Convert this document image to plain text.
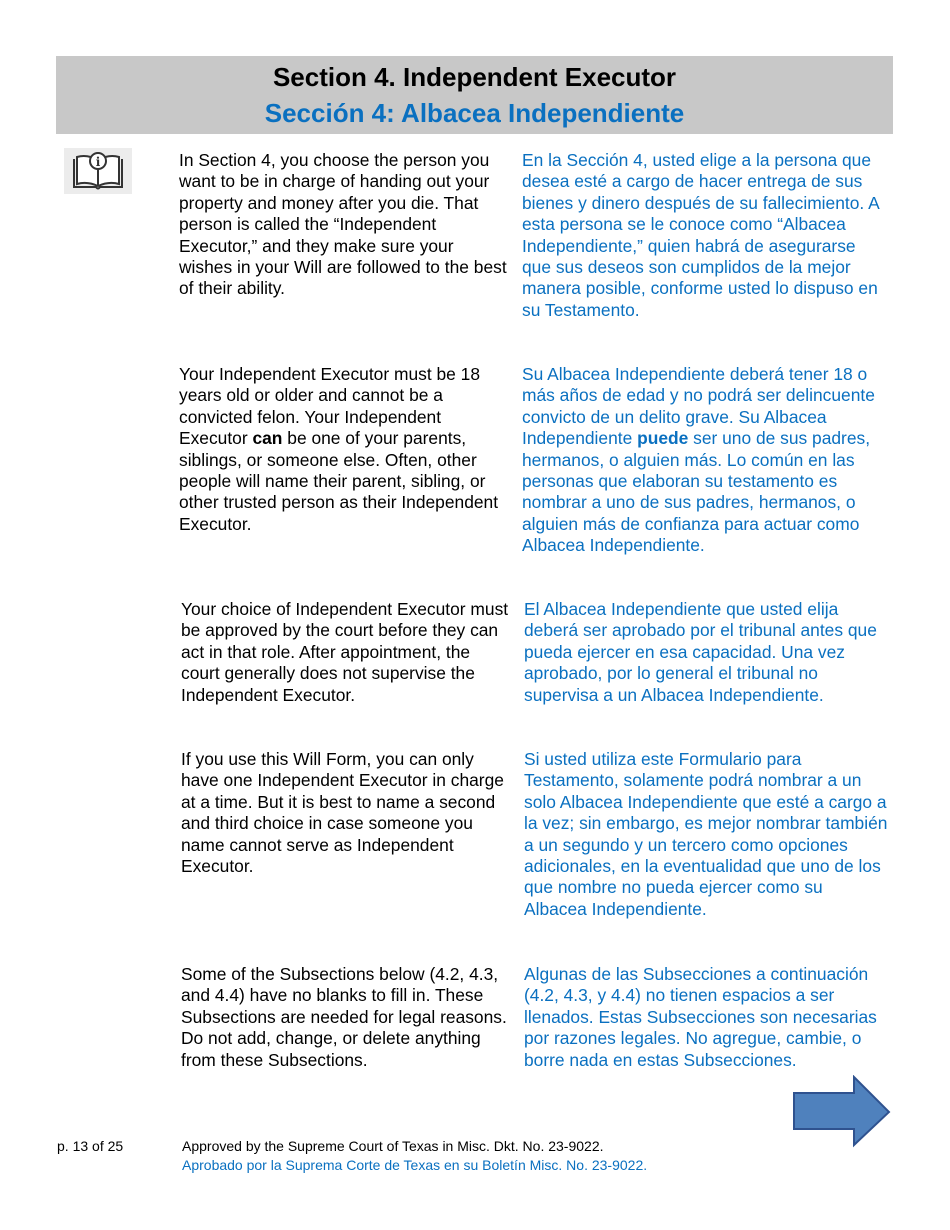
Section 4. Independent Executor
Sección 4: Albacea Independiente
i	In Section 4, you choose the person you want to be in charge of handing out your property and money after you die. That person is called the “Independent Executor,” and they make sure your wishes in your Will are followed to the best of their ability.

En la Sección 4, usted elige a la persona que desea esté a cargo de hacer entrega de sus bienes y dinero después de su fallecimiento. A esta persona se le conoce como “Albacea Independiente,” quien habrá de asegurarse que sus deseos son cumplidos de la mejor manera posible, conforme usted lo dispuso en su Testamento.

Your Independent Executor must be 18 years old or older and cannot be a convicted felon. Your Independent Executor can be one of your parents, siblings, or someone else. Often, other people will name their parent, sibling, or other trusted person as their Independent Executor.

Su Albacea Independiente deberá tener 18 o más años de edad y no podrá ser delincuente convicto de un delito grave. Su Albacea Independiente puede ser uno de sus padres, hermanos, o alguien más. Lo común en las personas que elaboran su testamento es nombrar a uno de sus padres, hermanos, o alguien más de confianza para actuar como Albacea Independiente.

Your choice of Independent Executor must be approved by the court before they can act in that role. After appointment, the court generally does not supervise the Independent Executor.

El Albacea Independiente que usted elija deberá ser aprobado por el tribunal antes que pueda ejercer en esa capacidad. Una vez aprobado, por lo general el tribunal no supervisa a un Albacea Independiente.

If you use this Will Form, you can only have one Independent Executor in charge at a time. But it is best to name a second and third choice in case someone you name cannot serve as Independent Executor.

Si usted utiliza este Formulario para Testamento, solamente podrá nombrar a un solo Albacea Independiente que esté a cargo a la vez; sin embargo, es mejor nombrar también a un segundo y un tercero como opciones adicionales, en la eventualidad que uno de los que nombre no pueda ejercer como su Albacea Independiente.

Some of the Subsections below (4.2, 4.3, and 4.4) have no blanks to fill in. These Subsections are needed for legal reasons. Do not add, change, or delete anything from these Subsections.

Algunas de las Subsecciones a continuación (4.2, 4.3, y 4.4) no tienen espacios a ser llenados. Estas Subsecciones son necesarias por razones legales. No agregue, cambie, o borre nada en estas Subsecciones.

p. 13 of 25	Approved by the Supreme Court of Texas in Misc. Dkt. No. 23-9022.
Aprobado por la Suprema Corte de Texas en su Boletín Misc. No. 23-9022.
